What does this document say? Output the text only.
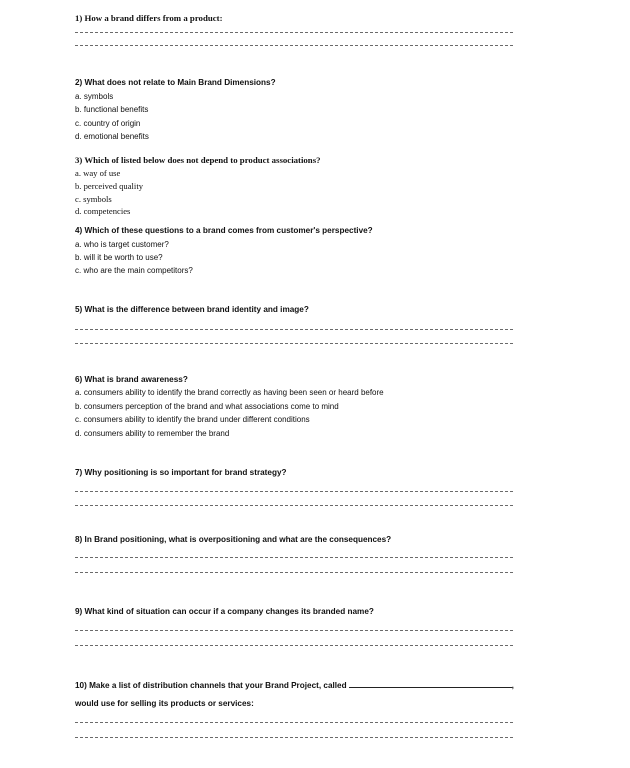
1) How a brand differs from a product:
2) What does not relate to Main Brand Dimensions?
a. symbols
b. functional benefits
c. country of origin
d. emotional benefits
3) Which of listed below does not depend to product associations?
a. way of use
b. perceived quality
c. symbols
d. competencies
4) Which of these questions to a brand comes from customer's perspective?
a. who is target customer?
b. will it be worth to use?
c. who are the main competitors?
5) What is the difference between brand identity and image?
6) What is brand awareness?
a. consumers ability to identify the brand correctly as having been seen or heard before
b. consumers perception of the brand and what associations come to mind
c. consumers ability to identify the brand under different conditions
d. consumers ability to remember the brand
7) Why positioning is so important for brand strategy?
8) In Brand positioning, what is overpositioning and what are the consequences?
9) What kind of situation can occur if a company changes its branded name?
10) Make a list of distribution channels that your Brand Project, called	,
would use for selling its products or services:
